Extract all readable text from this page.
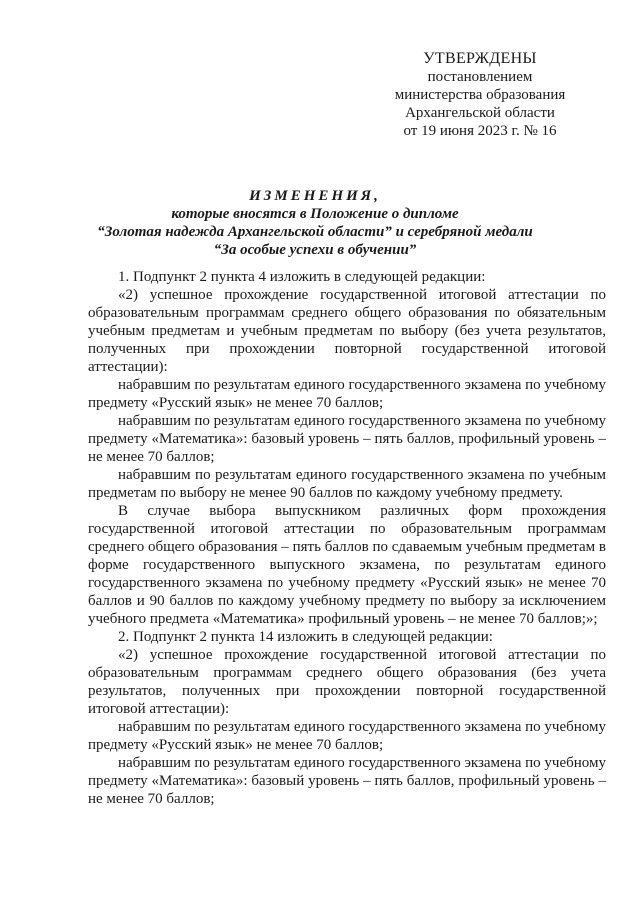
УТВЕРЖДЕНЫ
постановлением
министерства образования
Архангельской области
от 19 июня 2023 г. № 16
ИЗМЕНЕНИЯ,
которые вносятся в Положение о дипломе
“Золотая надежда Архангельской области” и серебряной медали
“За особые успехи в обучении”

1. Подпункт 2 пункта 4 изложить в следующей редакции:

«2) успешное прохождение государственной итоговой аттестации по образовательным программам среднего общего образования по обязательным учебным предметам и учебным предметам по выбору (без учета результатов, полученных при прохождении повторной государственной итоговой аттестации):

набравшим по результатам единого государственного экзамена по учебному предмету «Русский язык» не менее 70 баллов;

набравшим по результатам единого государственного экзамена по учебному предмету «Математика»: базовый уровень – пять баллов, профильный уровень – не менее 70 баллов;

набравшим по результатам единого государственного экзамена по учебным предметам по выбору не менее 90 баллов по каждому учебному предмету.

В случае выбора выпускником различных форм прохождения государственной итоговой аттестации по образовательным программам среднего общего образования – пять баллов по сдаваемым учебным предметам в форме государственного выпускного экзамена, по результатам единого государственного экзамена по учебному предмету «Русский язык» не менее 70 баллов и 90 баллов по каждому учебному предмету по выбору за исключением учебного предмета «Математика» профильный уровень – не менее 70 баллов;»;

2. Подпункт 2 пункта 14 изложить в следующей редакции:

«2) успешное прохождение государственной итоговой аттестации по образовательным программам среднего общего образования (без учета результатов, полученных при прохождении повторной государственной итоговой аттестации):

набравшим по результатам единого государственного экзамена по учебному предмету «Русский язык» не менее 70 баллов;

набравшим по результатам единого государственного экзамена по учебному предмету «Математика»: базовый уровень – пять баллов, профильный уровень – не менее 70 баллов;
